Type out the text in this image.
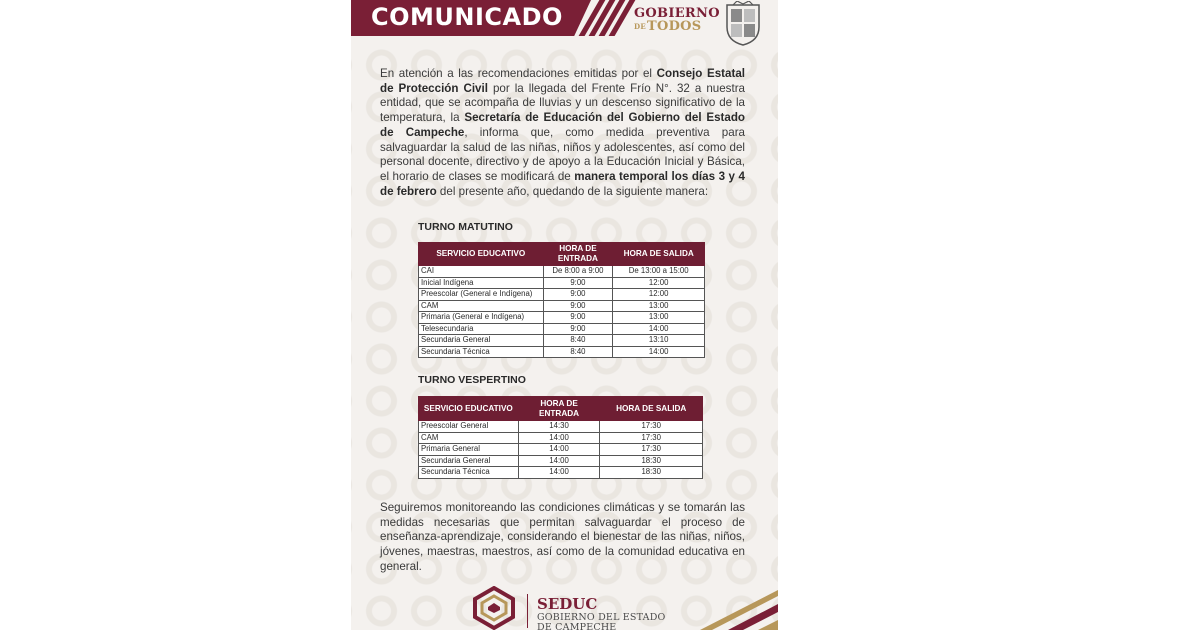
COMUNICADO	GOBIERNO
DETODOS

En atención a las recomendaciones emitidas por el Consejo Estatal de Protección Civil por la llegada del Frente Frío N°. 32 a nuestra entidad, que se acompaña de lluvias y un descenso significativo de la temperatura, la Secretaría de Educación del Gobierno del Estado de Campeche, informa que, como medida preventiva para salvaguardar la salud de las niñas, niños y adolescentes, así como del personal docente, directivo y de apoyo a la Educación Inicial y Básica, el horario de clases se modificará de manera temporal los días 3 y 4 de febrero del presente año, quedando de la siguiente manera:

TURNO MATUTINO
SERVICIO EDUCATIVO	HORA DE ENTRADA	HORA DE SALIDA
CAI	De 8:00 a 9:00	De 13:00 a 15:00
Inicial Indígena	9:00	12:00
Preescolar (General e Indígena)	9:00	12:00
CAM	9:00	13:00
Primaria (General e Indígena)	9:00	13:00
Telesecundaria	9:00	14:00
Secundaria General	8:40	13:10
Secundaria Técnica	8:40	14:00
TURNO VESPERTINO
SERVICIO EDUCATIVO	HORA DE ENTRADA	HORA DE SALIDA
Preescolar General	14:30	17:30
CAM	14:00	17:30
Primaria General	14:00	17:30
Secundaria General	14:00	18:30
Secundaria Técnica	14:00	18:30

Seguiremos monitoreando las condiciones climáticas y se tomarán las medidas necesarias que permitan salvaguardar el proceso de enseñanza-aprendizaje, considerando el bienestar de las niñas, niños, jóvenes, maestras, maestros, así como de la comunidad educativa en general.

SEDUC
GOBIERNO DEL ESTADO
DE CAMPECHE
